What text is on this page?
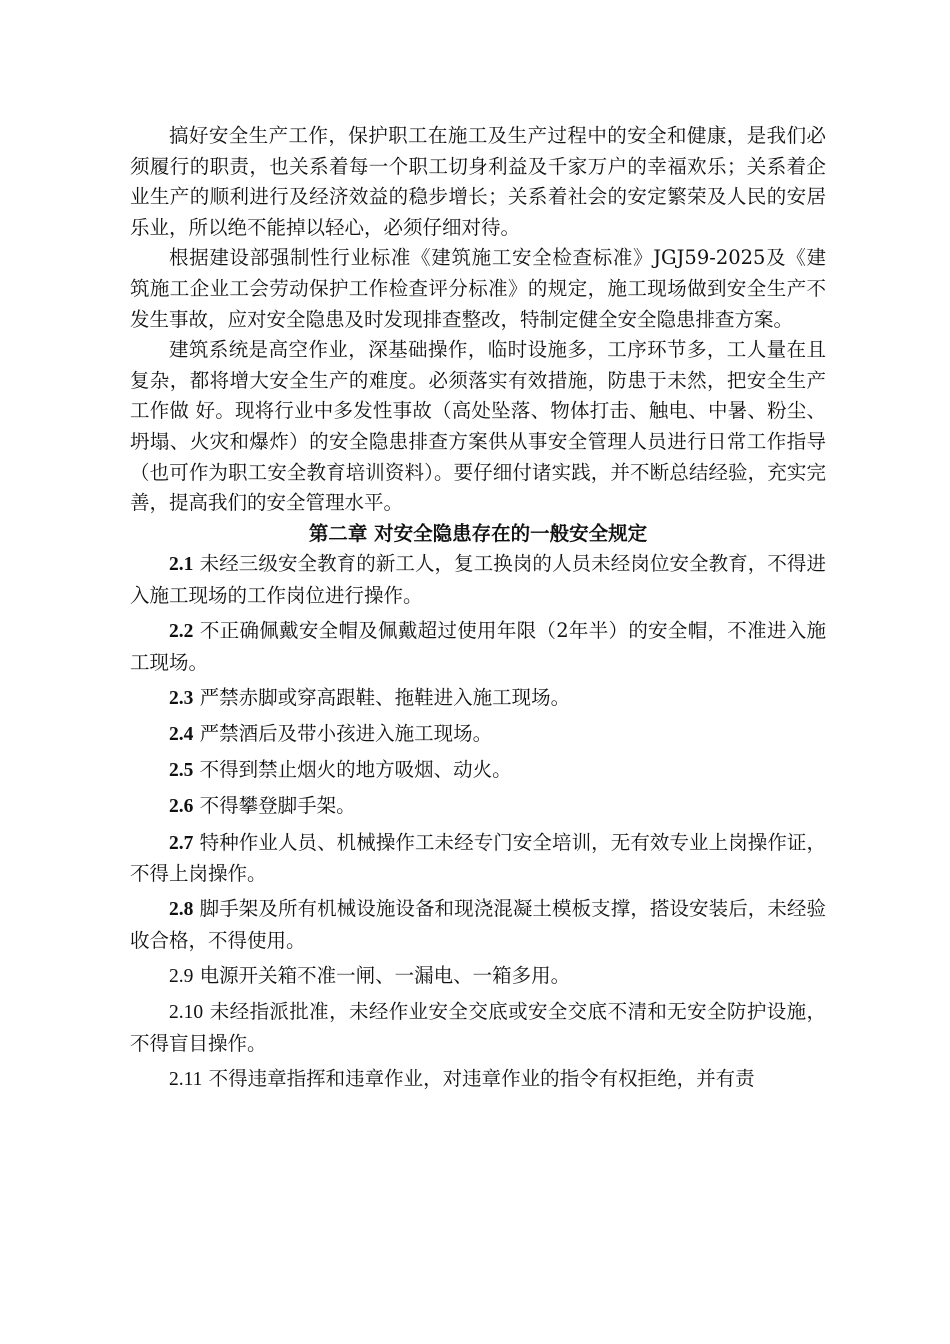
搞好安全生产工作，保护职工在施工及生产过程中的安全和健康，是我们必须履行的职责，也关系着每一个职工切身利益及千家万户的幸福欢乐；关系着企业生产的顺利进行及经济效益的稳步增长；关系着社会的安定繁荣及人民的安居乐业，所以绝不能掉以轻心，必须仔细对待。

根据建设部强制性行业标准《建筑施工安全检查标准》JGJ59-2025及《建筑施工企业工会劳动保护工作检查评分标准》的规定，施工现场做到安全生产不发生事故，应对安全隐患及时发现排查整改，特制定健全安全隐患排查方案。

建筑系统是高空作业，深基础操作，临时设施多，工序环节多，工人量在且复杂，都将增大安全生产的难度。必须落实有效措施，防患于未然，把安全生产工作做 好。现将行业中多发性事故（高处坠落、物体打击、触电、中暑、粉尘、坍塌、火灾和爆炸）的安全隐患排查方案供从事安全管理人员进行日常工作指导（也可作为职工安全教育培训资料）。要仔细付诸实践，并不断总结经验，充实完善，提高我们的安全管理水平。

第二章 对安全隐患存在的一般安全规定

2.1 未经三级安全教育的新工人，复工换岗的人员未经岗位安全教育，不得进入施工现场的工作岗位进行操作。

2.2 不正确佩戴安全帽及佩戴超过使用年限（2年半）的安全帽，不准进入施工现场。

2.3 严禁赤脚或穿高跟鞋、拖鞋进入施工现场。

2.4 严禁酒后及带小孩进入施工现场。

2.5 不得到禁止烟火的地方吸烟、动火。

2.6 不得攀登脚手架。

2.7 特种作业人员、机械操作工未经专门安全培训，无有效专业上岗操作证，不得上岗操作。

2.8 脚手架及所有机械设施设备和现浇混凝土模板支撑，搭设安装后，未经验收合格，不得使用。

2.9 电源开关箱不准一闸、一漏电、一箱多用。

2.10 未经指派批准，未经作业安全交底或安全交底不清和无安全防护设施，不得盲目操作。

2.11 不得违章指挥和违章作业，对违章作业的指令有权拒绝，并有责
